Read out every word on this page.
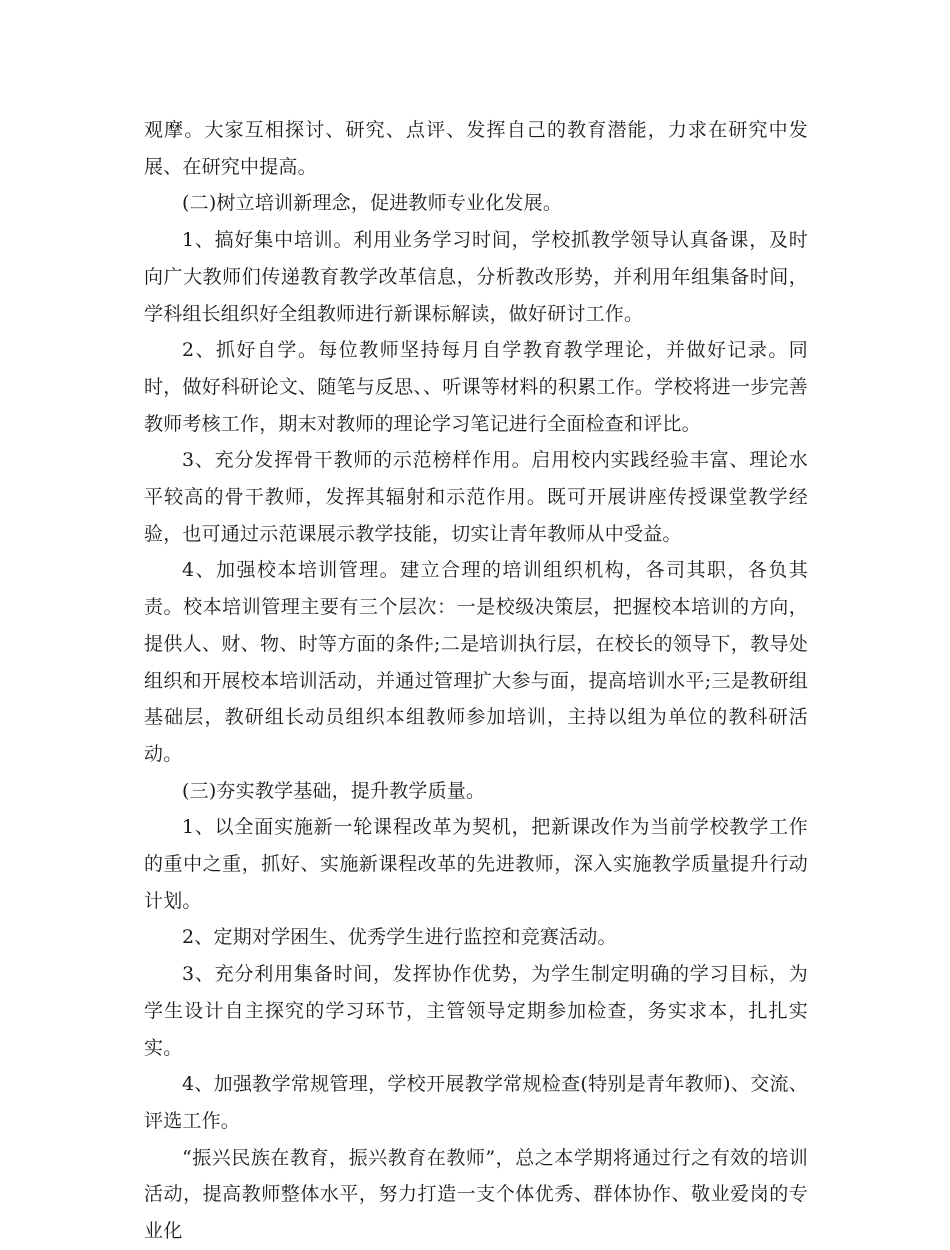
观摩。大家互相探讨、研究、点评、发挥自己的教育潜能，力求在研究中发展、在研究中提高。

(二)树立培训新理念，促进教师专业化发展。

1、搞好集中培训。利用业务学习时间，学校抓教学领导认真备课，及时向广大教师们传递教育教学改革信息，分析教改形势，并利用年组集备时间，学科组长组织好全组教师进行新课标解读，做好研讨工作。

2、抓好自学。每位教师坚持每月自学教育教学理论，并做好记录。同时，做好科研论文、随笔与反思、、听课等材料的积累工作。学校将进一步完善教师考核工作，期末对教师的理论学习笔记进行全面检查和评比。

3、充分发挥骨干教师的示范榜样作用。启用校内实践经验丰富、理论水平较高的骨干教师，发挥其辐射和示范作用。既可开展讲座传授课堂教学经验，也可通过示范课展示教学技能，切实让青年教师从中受益。

4、加强校本培训管理。建立合理的培训组织机构，各司其职，各负其责。校本培训管理主要有三个层次：一是校级决策层，把握校本培训的方向，提供人、财、物、时等方面的条件;二是培训执行层，在校长的领导下，教导处组织和开展校本培训活动，并通过管理扩大参与面，提高培训水平;三是教研组基础层，教研组长动员组织本组教师参加培训，主持以组为单位的教科研活动。

(三)夯实教学基础，提升教学质量。

1、以全面实施新一轮课程改革为契机，把新课改作为当前学校教学工作的重中之重，抓好、实施新课程改革的先进教师，深入实施教学质量提升行动计划。

2、定期对学困生、优秀学生进行监控和竞赛活动。

3、充分利用集备时间，发挥协作优势，为学生制定明确的学习目标，为学生设计自主探究的学习环节，主管领导定期参加检查，务实求本，扎扎实实。

4、加强教学常规管理，学校开展教学常规检查(特别是青年教师)、交流、评选工作。

“振兴民族在教育，振兴教育在教师”，总之本学期将通过行之有效的培训活动，提高教师整体水平，努力打造一支个体优秀、群体协作、敬业爱岗的专业化
